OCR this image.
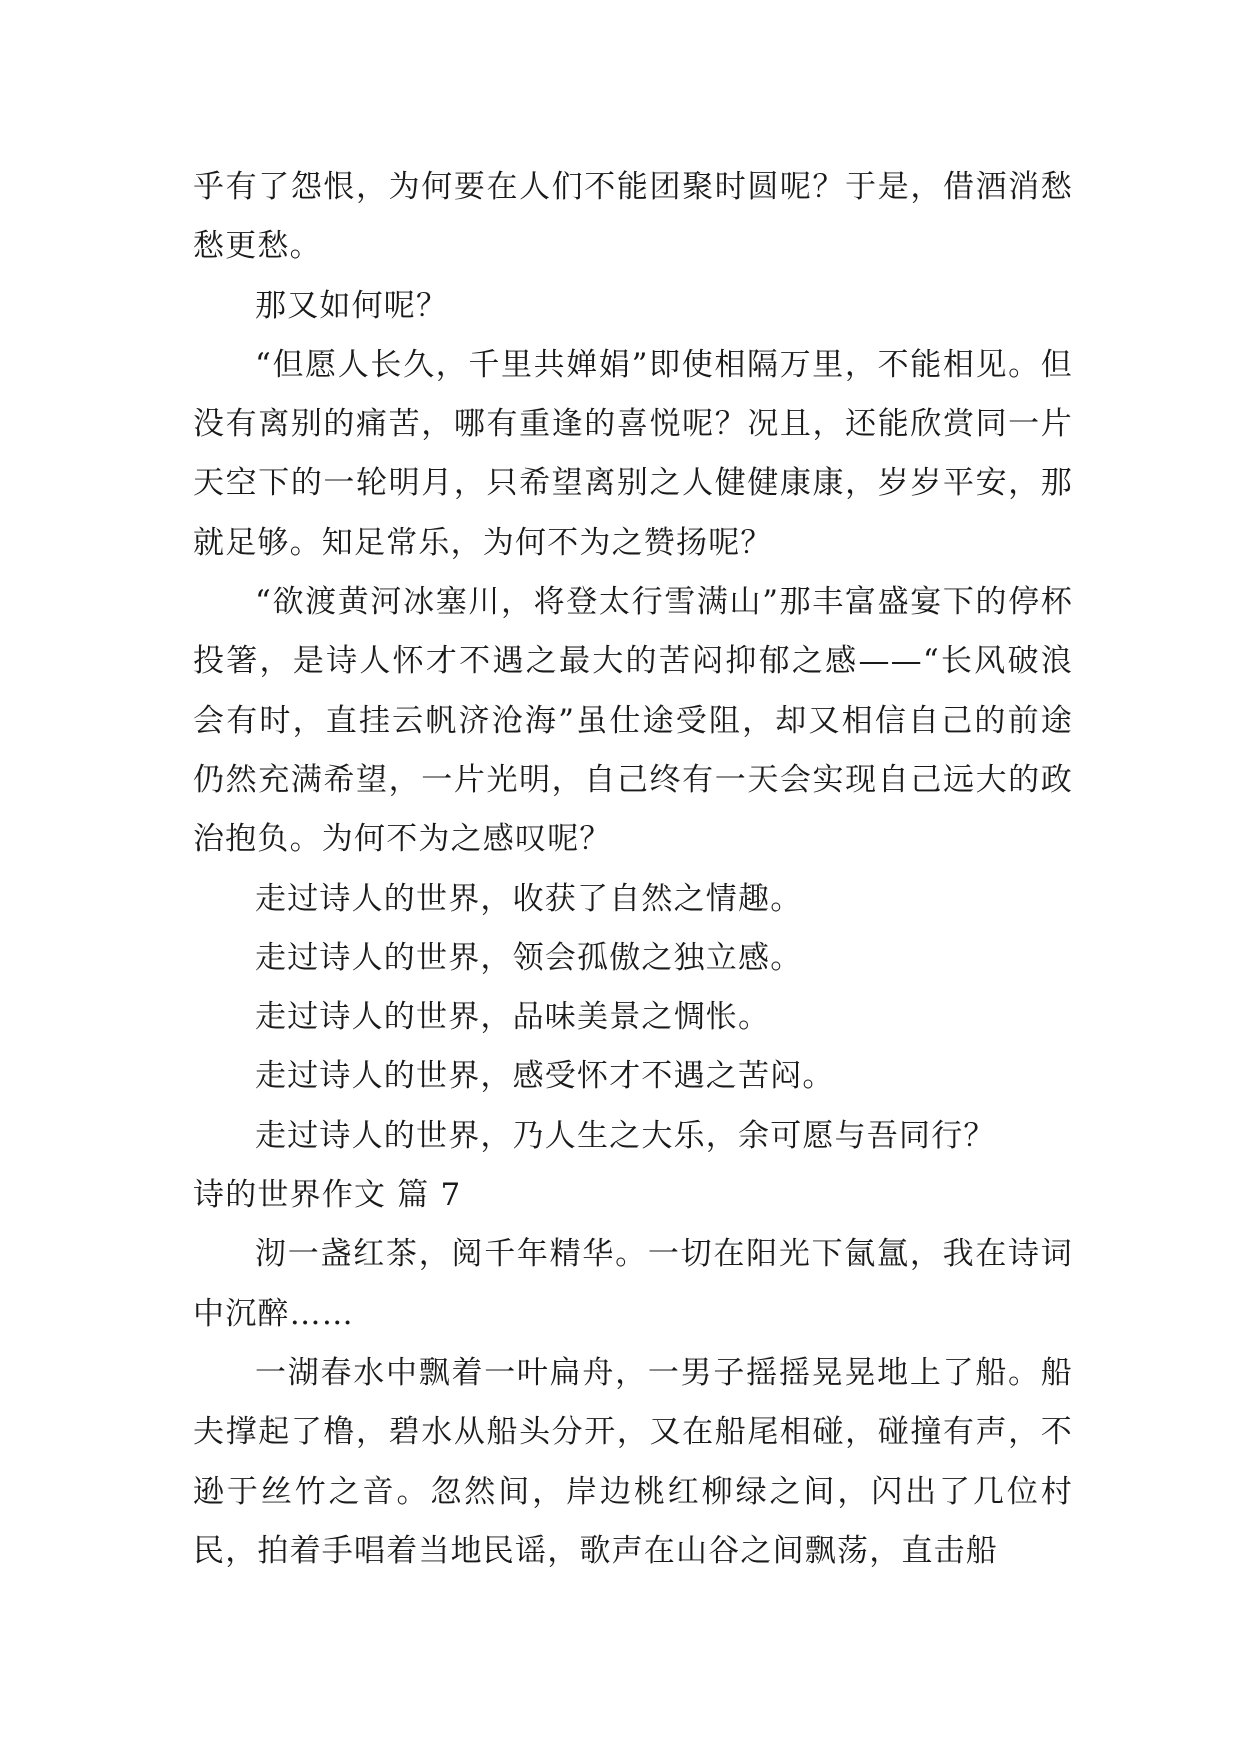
乎有了怨恨，为何要在人们不能团聚时圆呢？于是，借酒消愁愁更愁。

那又如何呢？

“但愿人长久，千里共婵娟”即使相隔万里，不能相见。但没有离别的痛苦，哪有重逢的喜悦呢？况且，还能欣赏同一片天空下的一轮明月，只希望离别之人健健康康，岁岁平安，那就足够。知足常乐，为何不为之赞扬呢？

“欲渡黄河冰塞川，将登太行雪满山”那丰富盛宴下的停杯投箸，是诗人怀才不遇之最大的苦闷抑郁之感——“长风破浪会有时，直挂云帆济沧海”虽仕途受阻，却又相信自己的前途仍然充满希望，一片光明，自己终有一天会实现自己远大的政治抱负。为何不为之感叹呢？

走过诗人的世界，收获了自然之情趣。

走过诗人的世界，领会孤傲之独立感。

走过诗人的世界，品味美景之惆怅。

走过诗人的世界，感受怀才不遇之苦闷。

走过诗人的世界，乃人生之大乐，余可愿与吾同行？

诗的世界作文 篇 7

沏一盏红茶，阅千年精华。一切在阳光下氤氲，我在诗词中沉醉……

一湖春水中飘着一叶扁舟，一男子摇摇晃晃地上了船。船夫撑起了橹，碧水从船头分开，又在船尾相碰，碰撞有声，不逊于丝竹之音。忽然间，岸边桃红柳绿之间，闪出了几位村民，拍着手唱着当地民谣，歌声在山谷之间飘荡，直击船
